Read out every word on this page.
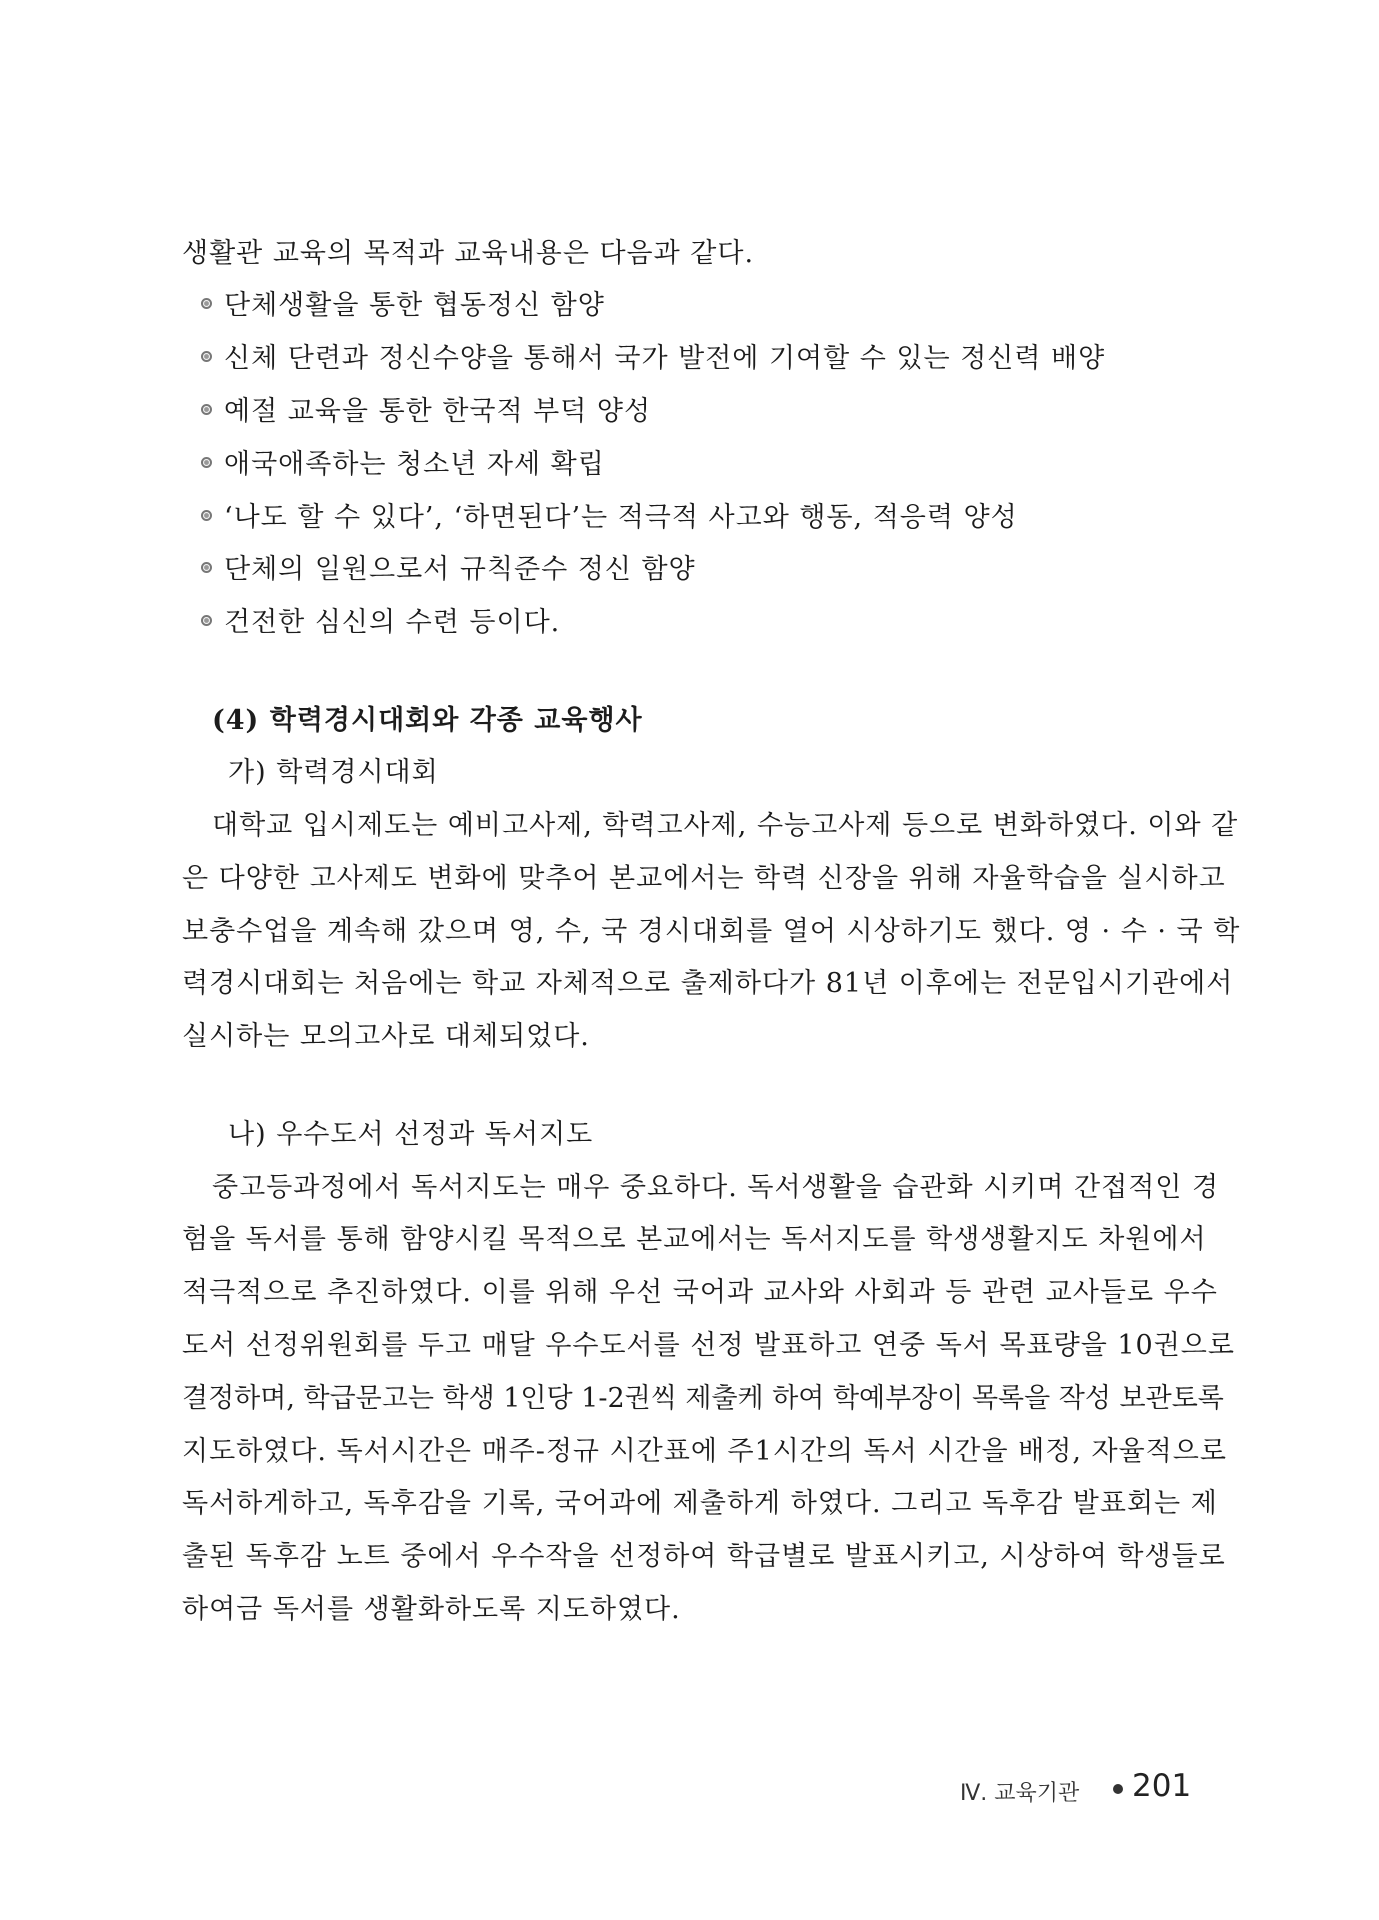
생활관 교육의 목적과 교육내용은 다음과 같다.
단체생활을 통한 협동정신 함양
신체 단련과 정신수양을 통해서 국가 발전에 기여할 수 있는 정신력 배양
예절 교육을 통한 한국적 부덕 양성
애국애족하는 청소년 자세 확립
‘나도 할 수 있다’, ‘하면된다’는 적극적 사고와 행동, 적응력 양성
단체의 일원으로서 규칙준수 정신 함양
건전한 심신의 수련 등이다.
(4) 학력경시대회와 각종 교육행사
가) 학력경시대회
대학교 입시제도는 예비고사제, 학력고사제, 수능고사제 등으로 변화하였다. 이와 같
은 다양한 고사제도 변화에 맞추어 본교에서는 학력 신장을 위해 자율학습을 실시하고
보충수업을 계속해 갔으며 영, 수, 국 경시대회를 열어 시상하기도 했다. 영 · 수 · 국 학
력경시대회는 처음에는 학교 자체적으로 출제하다가 81년 이후에는 전문입시기관에서
실시하는 모의고사로 대체되었다.
나) 우수도서 선정과 독서지도
중고등과정에서 독서지도는 매우 중요하다. 독서생활을 습관화 시키며 간접적인 경
험을 독서를 통해 함양시킬 목적으로 본교에서는 독서지도를 학생생활지도 차원에서
적극적으로 추진하였다. 이를 위해 우선 국어과 교사와 사회과 등 관련 교사들로 우수
도서 선정위원회를 두고 매달 우수도서를 선정 발표하고 연중 독서 목표량을 10권으로
결정하며, 학급문고는 학생 1인당 1-2권씩 제출케 하여 학예부장이 목록을 작성 보관토록
지도하였다. 독서시간은 매주-정규 시간표에 주1시간의 독서 시간을 배정, 자율적으로
독서하게하고, 독후감을 기록, 국어과에 제출하게 하였다. 그리고 독후감 발표회는 제
출된 독후감 노트 중에서 우수작을 선정하여 학급별로 발표시키고, 시상하여 학생들로
하여금 독서를 생활화하도록 지도하였다.
Ⅳ. 교육기관 201
